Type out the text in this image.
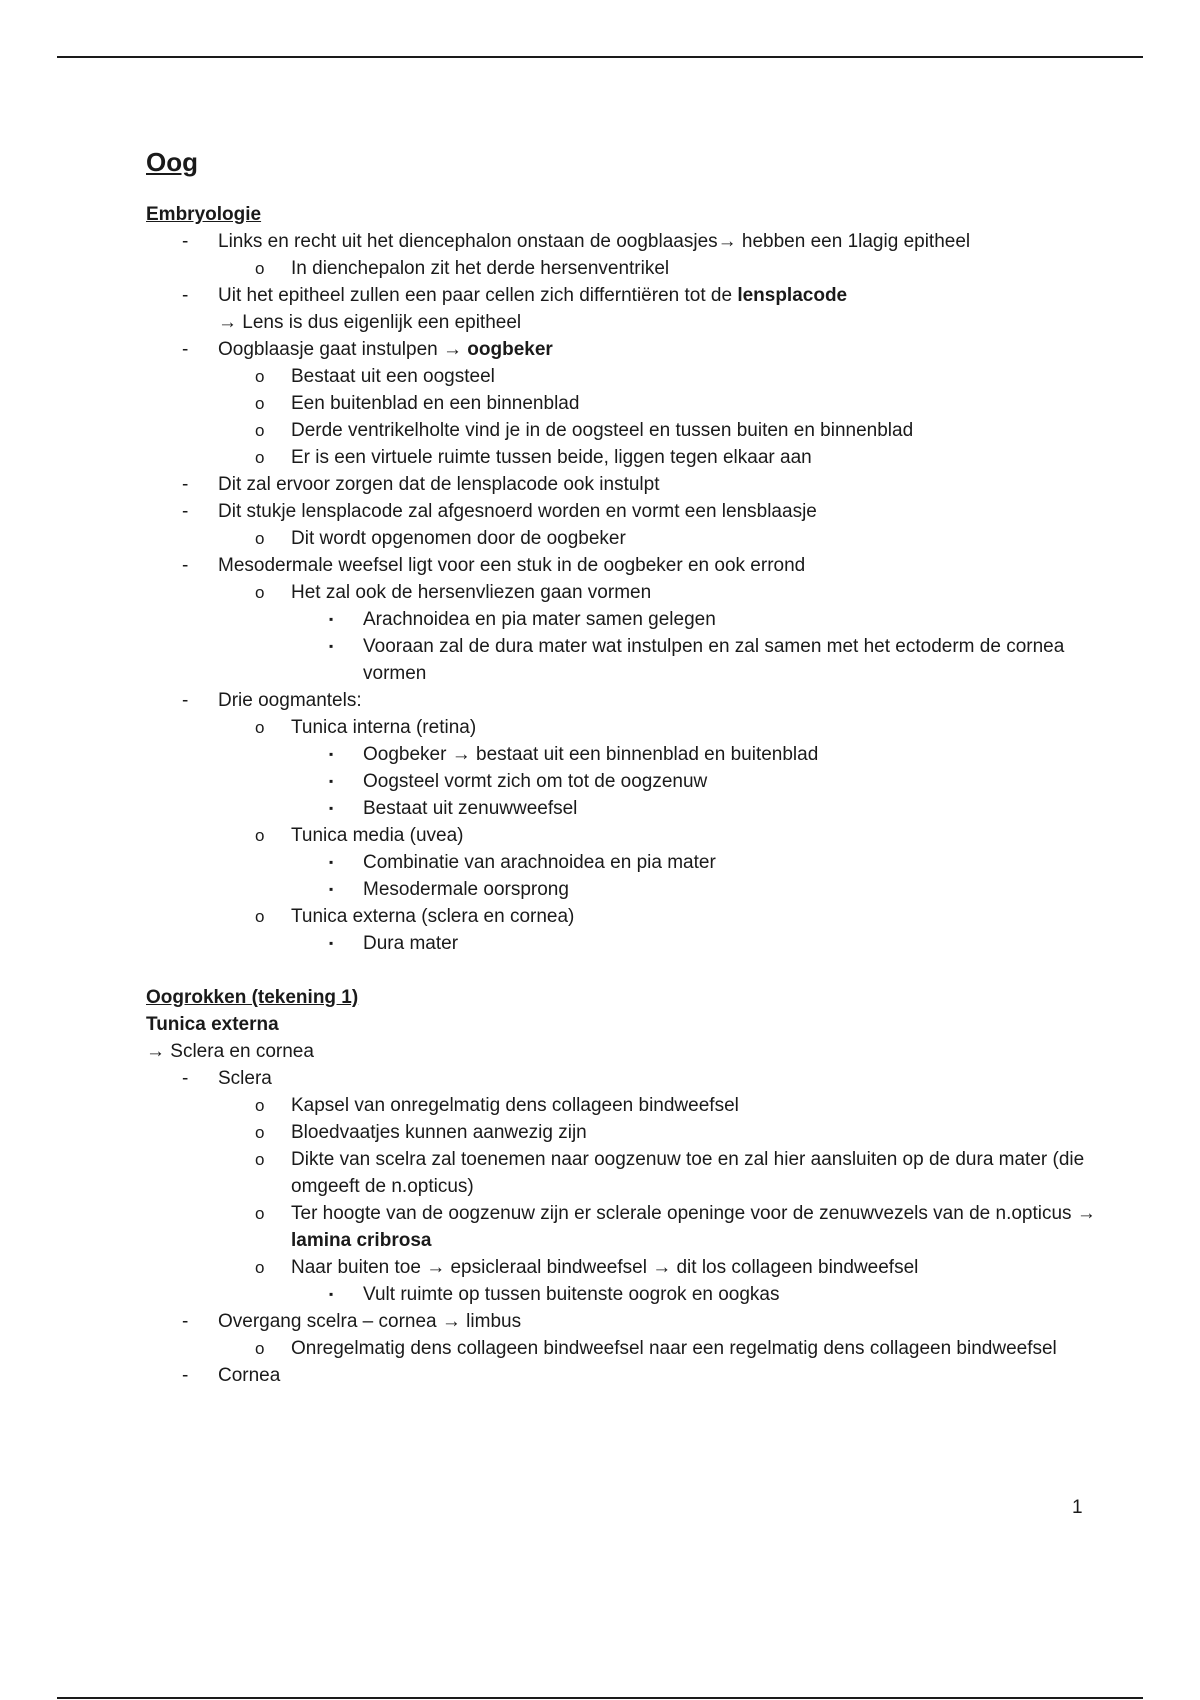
Oog
Embryologie
- Links en recht uit het diencephalon onstaan de oogblaasjes→ hebben een 1lagig epitheel
o In dienchepalon zit het derde hersenventrikel
- Uit het epitheel zullen een paar cellen zich differntiëren tot de lensplacode
→ Lens is dus eigenlijk een epitheel
- Oogblaasje gaat instulpen → oogbeker
o Bestaat uit een oogsteel
o Een buitenblad en een binnenblad
o Derde ventrikelholte vind je in de oogsteel en tussen buiten en binnenblad
o Er is een virtuele ruimte tussen beide, liggen tegen elkaar aan
- Dit zal ervoor zorgen dat de lensplacode ook instulpt
- Dit stukje lensplacode zal afgesnoerd worden en vormt een lensblaasje
o Dit wordt opgenomen door de oogbeker
- Mesodermale weefsel ligt voor een stuk in de oogbeker en ook errond
o Het zal ook de hersenvliezen gaan vormen
▪ Arachnoidea en pia mater samen gelegen
▪ Vooraan zal de dura mater wat instulpen en zal samen met het ectoderm de cornea vormen
- Drie oogmantels:
o Tunica interna (retina)
▪ Oogbeker → bestaat uit een binnenblad en buitenblad
▪ Oogsteel vormt zich om tot de oogzenuw
▪ Bestaat uit zenuwweefsel
o Tunica media (uvea)
▪ Combinatie van arachnoidea en pia mater
▪ Mesodermale oorsprong
o Tunica externa (sclera en cornea)
▪ Dura mater
Oogrokken (tekening 1)
Tunica externa
→ Sclera en cornea
- Sclera
o Kapsel van onregelmatig dens collageen bindweefsel
o Bloedvaatjes kunnen aanwezig zijn
o Dikte van scelra zal toenemen naar oogzenuw toe en zal hier aansluiten op de dura mater (die omgeeft de n.opticus)
o Ter hoogte van de oogzenuw zijn er sclerale openinge voor de zenuwvezels van de n.opticus → lamina cribrosa
o Naar buiten toe → epsicleraal bindweefsel → dit los collageen bindweefsel
▪ Vult ruimte op tussen buitenste oogrok en oogkas
- Overgang scelra – cornea → limbus
o Onregelmatig dens collageen bindweefsel naar een regelmatig dens collageen bindweefsel
- Cornea
1
